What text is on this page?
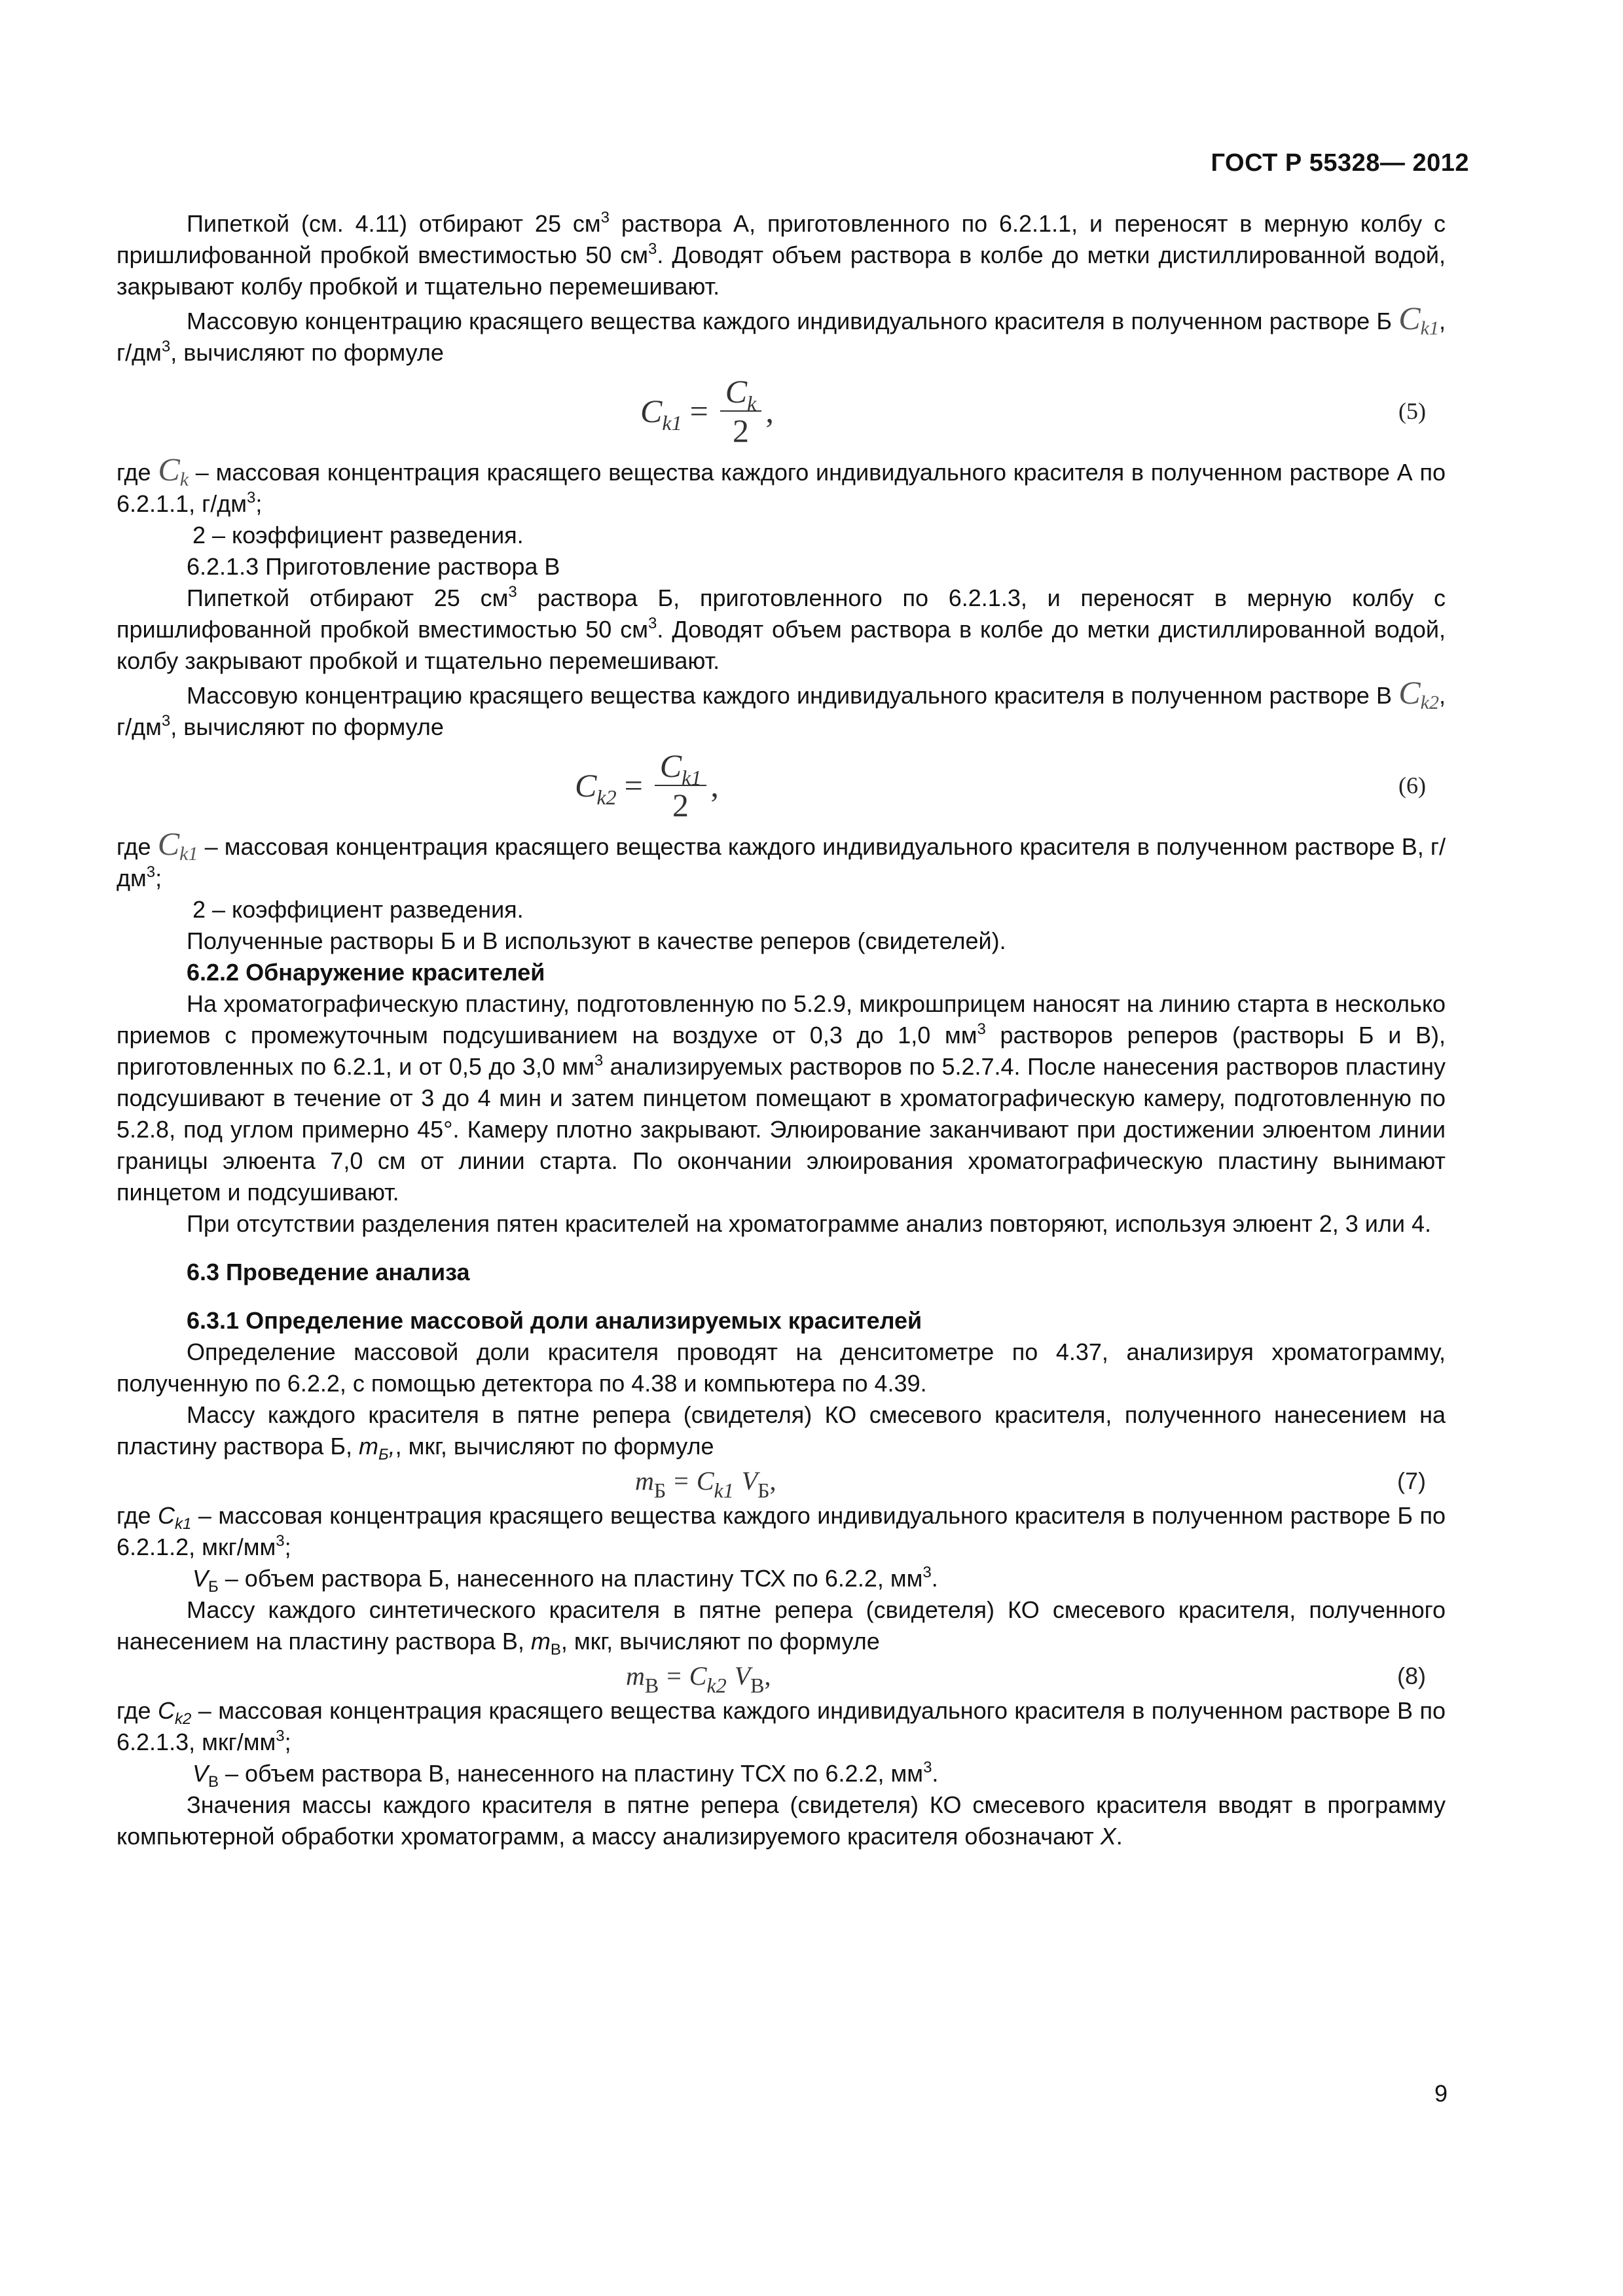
ГОСТ Р 55328— 2012

Пипеткой (см. 4.11) отбирают 25 $см^3$ раствора А, приготовленного по 6.2.1.1, и переносят в мерную колбу с пришлифованной пробкой вместимостью 50 $см^3$. Доводят объем раствора в колбе до метки дистиллированной водой, закрывают колбу пробкой и тщательно перемешивают.

Массовую концентрацию красящего вещества каждого индивидуального красителя в полученном растворе Б $C_{k1}$, $г/дм^3$, вычисляют по формуле

$C_{k1} = \frac{C_k}{2}$ ,	(5)

где $C_k$ – массовая концентрация красящего вещества каждого индивидуального красителя в полученном растворе А по 6.2.1.1, $г/дм^3$;

2 – коэффициент разведения.

6.2.1.3 Приготовление раствора В

Пипеткой отбирают 25 $см^3$ раствора Б, приготовленного по 6.2.1.3, и переносят в мерную колбу с пришлифованной пробкой вместимостью 50 $см^3$. Доводят объем раствора в колбе до метки дистиллированной водой, колбу закрывают пробкой и тщательно перемешивают.

Массовую концентрацию красящего вещества каждого индивидуального красителя в полученном растворе В $C_{k2}$, $г/дм^3$, вычисляют по формуле

$C_{k2} = \frac{C_{k1}}{2}$ ,	(6)

где $C_{k1}$ – массовая концентрация красящего вещества каждого индивидуального красителя в полученном растворе В, $г/дм^3$;

2 – коэффициент разведения.

Полученные растворы Б и В используют в качестве реперов (свидетелей).

6.2.2 Обнаружение красителей

На хроматографическую пластину, подготовленную по 5.2.9, микрошприцем наносят на линию старта в несколько приемов с промежуточным подсушиванием на воздухе от 0,3 до 1,0 $мм^3$ растворов реперов (растворы Б и В), приготовленных по 6.2.1, и от 0,5 до 3,0 $мм^3$ анализируемых растворов по 5.2.7.4. После нанесения растворов пластину подсушивают в течение от 3 до 4 мин и затем пинцетом помещают в хроматографическую камеру, подготовленную по 5.2.8, под углом примерно 45°. Камеру плотно закрывают. Элюирование заканчивают при достижении элюентом линии границы элюента 7,0 см от линии старта. По окончании элюирования хроматографическую пластину вынимают пинцетом и подсушивают.

При отсутствии разделения пятен красителей на хроматограмме анализ повторяют, используя элюент 2, 3 или 4.

6.3 Проведение анализа

6.3.1 Определение массовой доли анализируемых красителей

Определение массовой доли красителя проводят на денситометре по 4.37, анализируя хроматограмму, полученную по 6.2.2, с помощью детектора по 4.38 и компьютера по 4.39.

Массу каждого красителя в пятне репера (свидетеля) КО смесевого красителя, полученного нанесением на пластину раствора Б, $m_Б$,, мкг, вычисляют по формуле

$m_Б = C_{k1}$ $V_Б$ ,	(7)

где $C_{k1}$ – массовая концентрация красящего вещества каждого индивидуального красителя в полученном растворе Б по 6.2.1.2, мкг/$мм^3$;

$V_Б$ – объем раствора Б, нанесенного на пластину ТСХ по 6.2.2, $мм^3$.

Массу каждого синтетического красителя в пятне репера (свидетеля) КО смесевого красителя, полученного нанесением на пластину раствора В, $m_В$, мкг, вычисляют по формуле

$m_В = C_{k2}$ $V_В$ ,	(8)

где $C_{k2}$ – массовая концентрация красящего вещества каждого индивидуального красителя в полученном растворе В по 6.2.1.3, мкг/$мм^3$;

$V_В$ – объем раствора В, нанесенного на пластину ТСХ по 6.2.2, $мм^3$.

Значения массы каждого красителя в пятне репера (свидетеля) КО смесевого красителя вводят в программу компьютерной обработки хроматограмм, а массу анализируемого красителя обозначают X.

9
